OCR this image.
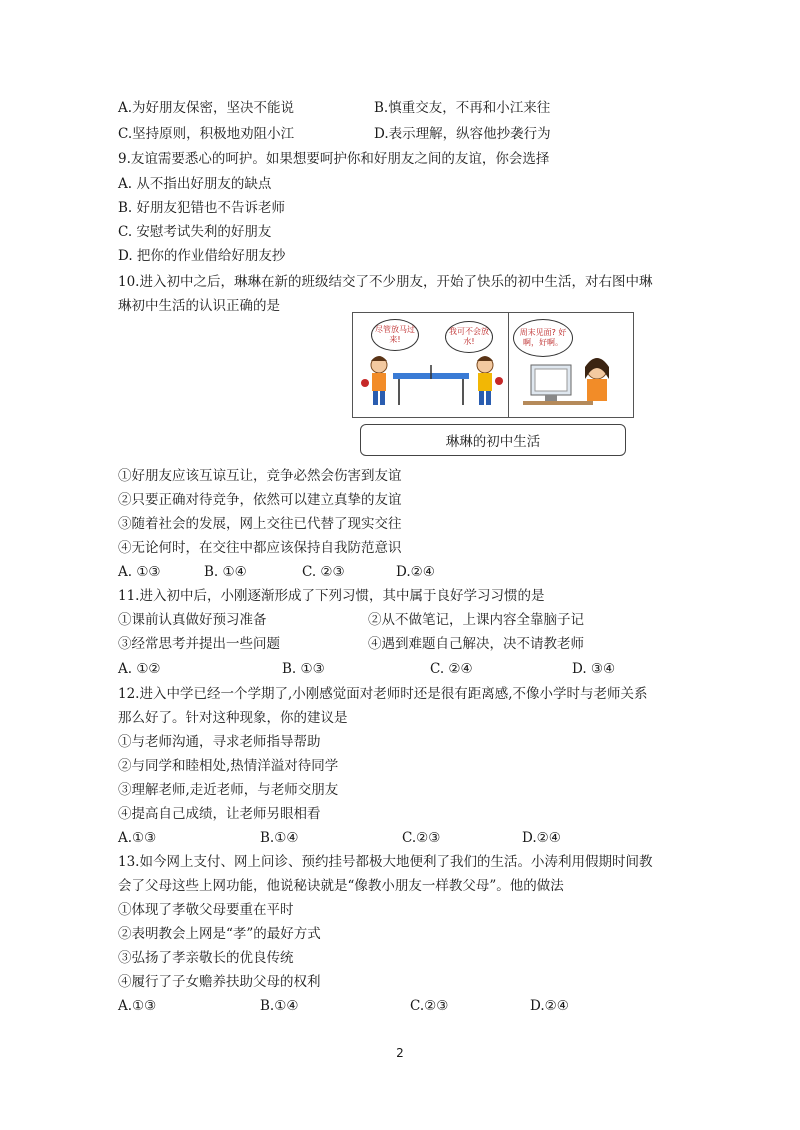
A.为好朋友保密，坚决不能说	B.慎重交友，不再和小江来往
C.坚持原则，积极地劝阻小江	D.表示理解，纵容他抄袭行为
9.友谊需要悉心的呵护。如果想要呵护你和好朋友之间的友谊，你会选择
A. 从不指出好朋友的缺点
B. 好朋友犯错也不告诉老师
C. 安慰考试失利的好朋友
D. 把你的作业借给好朋友抄
10.进入初中之后，琳琳在新的班级结交了不少朋友，开始了快乐的初中生活，对右图中琳
琳初中生活的认识正确的是
尽管放马过来!
我可不会放水!
周末见面? 好啊，好啊。
琳琳的初中生活
①好朋友应该互谅互让，竞争必然会伤害到友谊
②只要正确对待竞争，依然可以建立真挚的友谊
③随着社会的发展，网上交往已代替了现实交往
④无论何时，在交往中都应该保持自我防范意识
A. ①③	B. ①④	C. ②③	D.②④
11.进入初中后，小刚逐渐形成了下列习惯，其中属于良好学习习惯的是
①课前认真做好预习准备	②从不做笔记，上课内容全靠脑子记
③经常思考并提出一些问题	④遇到难题自己解决，决不请教老师
A. ①②	B. ①③	C. ②④	D. ③④
12.进入中学已经一个学期了,小刚感觉面对老师时还是很有距离感,不像小学时与老师关系
那么好了。针对这种现象，你的建议是
①与老师沟通，寻求老师指导帮助
②与同学和睦相处,热情洋溢对待同学
③理解老师,走近老师，与老师交朋友
④提高自己成绩，让老师另眼相看
A.①③	B.①④	C.②③	D.②④
13.如今网上支付、网上问诊、预约挂号都极大地便利了我们的生活。小涛利用假期时间教
会了父母这些上网功能，他说秘诀就是“像教小朋友一样教父母”。他的做法
①体现了孝敬父母要重在平时
②表明教会上网是“孝”的最好方式
③弘扬了孝亲敬长的优良传统
④履行了子女赡养扶助父母的权利
A.①③	B.①④	C.②③	D.②④
2
